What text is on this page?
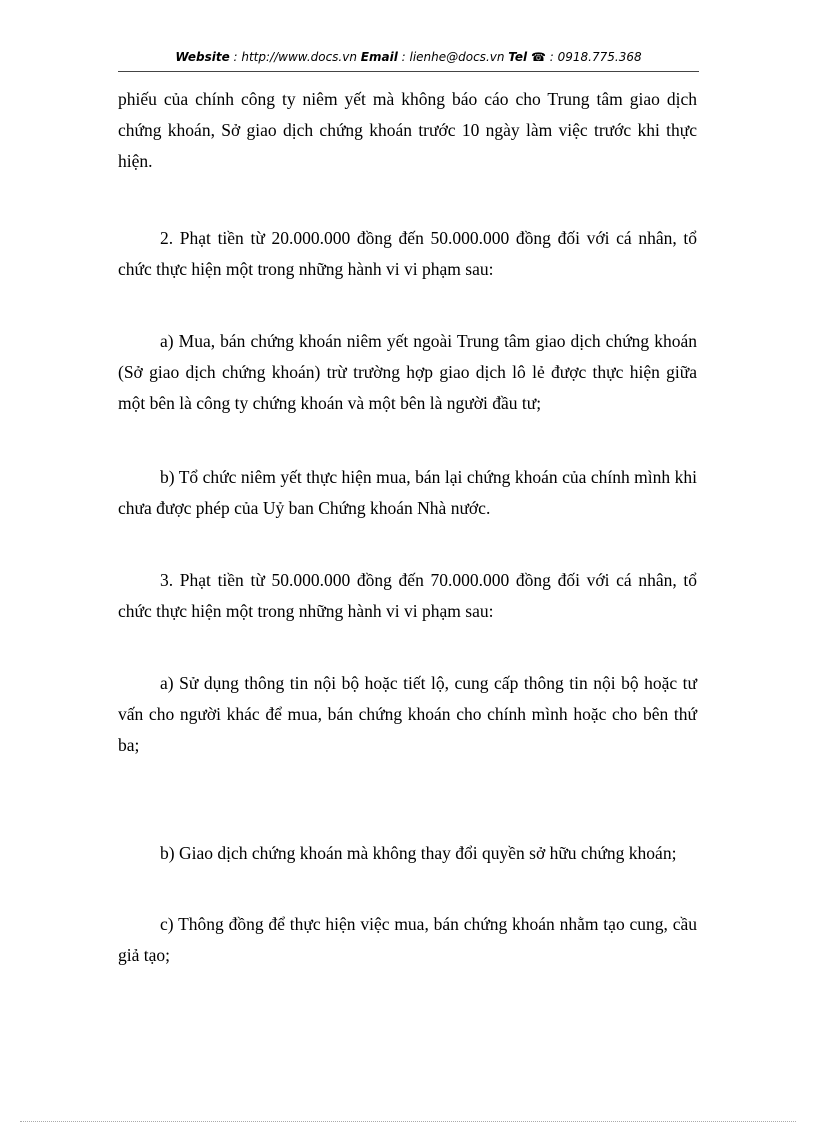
Website : http://www.docs.vn Email : lienhe@docs.vn Tel ☎ : 0918.775.368

phiếu của chính công ty niêm yết mà không báo cáo cho Trung tâm giao dịch chứng khoán, Sở giao dịch chứng khoán trước 10 ngày làm việc trước khi thực hiện.

2. Phạt tiền từ 20.000.000 đồng đến 50.000.000 đồng đối với cá nhân, tổ chức thực hiện một trong những hành vi vi phạm sau:

a) Mua, bán chứng khoán niêm yết ngoài Trung tâm giao dịch chứng khoán (Sở giao dịch chứng khoán) trừ trường hợp giao dịch lô lẻ được thực hiện giữa một bên là công ty chứng khoán và một bên là người đầu tư;

b) Tổ chức niêm yết thực hiện mua, bán lại chứng khoán của chính mình khi chưa được phép của Uỷ ban Chứng khoán Nhà nước.

3. Phạt tiền từ 50.000.000 đồng đến 70.000.000 đồng đối với cá nhân, tổ chức thực hiện một trong những hành vi vi phạm sau:

a) Sử dụng thông tin nội bộ hoặc tiết lộ, cung cấp thông tin nội bộ hoặc tư vấn cho người khác để mua, bán chứng khoán cho chính mình hoặc cho bên thứ ba;

b) Giao dịch chứng khoán mà không thay đổi quyền sở hữu chứng khoán;

c) Thông đồng để thực hiện việc mua, bán chứng khoán nhằm tạo cung, cầu giả tạo;
